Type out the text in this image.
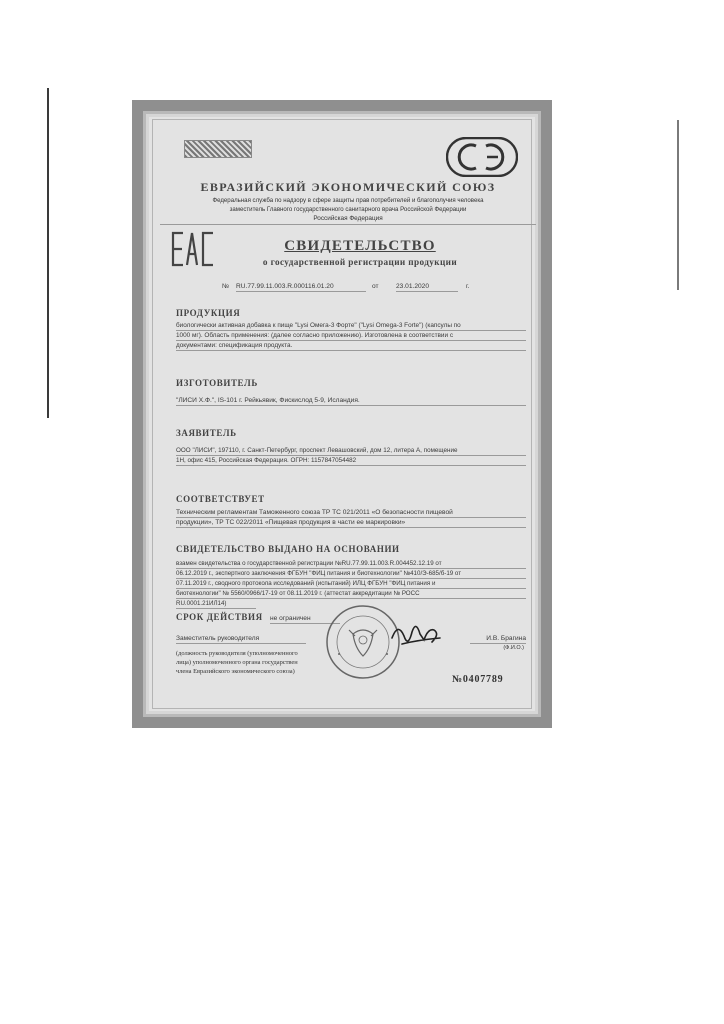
ЕВРАЗИЙСКИЙ ЭКОНОМИЧЕСКИЙ СОЮЗ

Федеральная служба по надзору в сфере защиты прав потребителей и благополучия человека

заместитель Главного государственного санитарного врача Российской Федерации

Российская Федерация

СВИДЕТЕЛЬСТВО

о государственной регистрации продукции

№ RU.77.99.11.003.R.000116.01.20	от	23.01.2020	г.

ПРОДУКЦИЯ

биологически активная добавка к пище "Lysi Омега-3 Форте" ("Lysi Omega-3 Forte") (капсулы по

1000 мг). Область применения: (далее согласно приложению). Изготовлена в соответствии с

документами: спецификация продукта.

ИЗГОТОВИТЕЛЬ

"ЛИСИ Х.Ф.", IS-101 г. Рейкьявик, Фискислод 5-9, Исландия.

ЗАЯВИТЕЛЬ

ООО "ЛИСИ", 197110, г. Санкт-Петербург, проспект Левашовский, дом 12, литера А, помещение

1Н, офис 415, Российская Федерация. ОГРН: 1157847054482

СООТВЕТСТВУЕТ

Техническим регламентам Таможенного союза ТР ТС 021/2011 «О безопасности пищевой

продукции», ТР ТС 022/2011 «Пищевая продукция в части ее маркировки»

СВИДЕТЕЛЬСТВО ВЫДАНО НА ОСНОВАНИИ

взамен свидетельства о государственной регистрации №RU.77.99.11.003.R.004452.12.19 от

06.12.2019 г., экспертного заключения ФГБУН "ФИЦ питания и биотехнологии" №410/Э-685/б-19 от

07.11.2019 г., сводного протокола исследований (испытаний) ИЛЦ ФГБУН "ФИЦ питания и

биотехнологии" № 5560/0966/17-19 от 08.11.2019 г. (аттестат аккредитации № РОСС

RU.0001.21ИЛ14)

СРОК ДЕЙСТВИЯ не ограничен

Заместитель руководителя	И.В. Брагина

(Ф.И.О.)

(должность руководителя (уполномоченного

лица) уполномоченного органа государствен

члена Евразийского экономического союза)

№0407789
